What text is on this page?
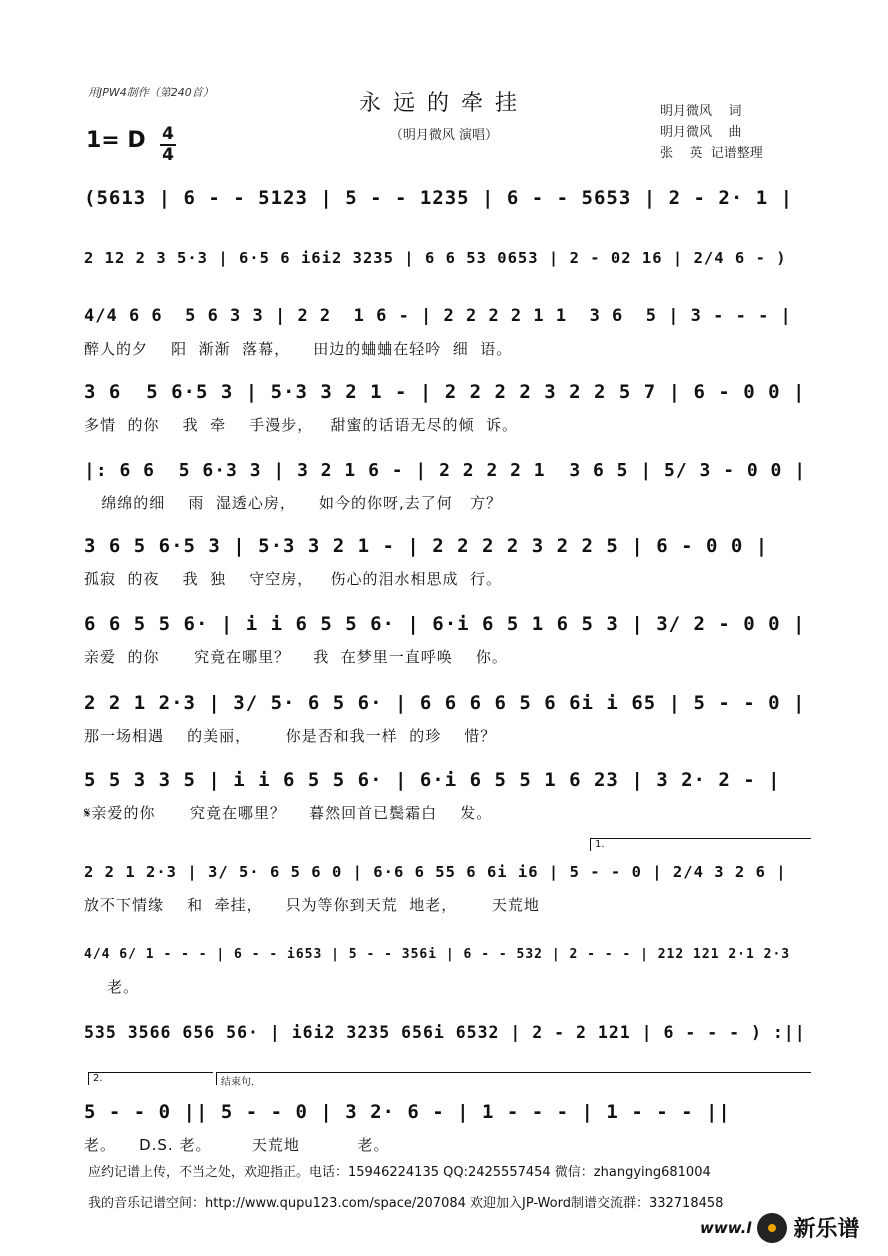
用JPW4制作（第240首）	永远的牵挂
（明月微风 演唱）
明月微风    词
明月微风    曲
张    英  记谱整理
1= D 4
4
(5613 | 6 - - 5123 | 5 - - 1235 | 6 - - 5653 | 2 - 2· 1 |
2 12 2 3 5·3 | 6·5 6 i6i2 3235 | 6 6 53 0653 | 2 - 02 16 | 2/4 6 - )
4/4 6 6  5 6 3 3 | 2 2  1 6 - | 2 2 2 2 1 1  3 6  5 | 3 - - - |
醉人的夕    阳  渐渐  落幕，    田边的蛐蛐在轻吟  细  语。
3 6  5 6·5 3 | 5·3 3 2 1 - | 2 2 2 2 3 2 2 5 7 | 6 - 0 0 |
多情  的你    我  牵    手漫步，   甜蜜的话语无尽的倾  诉。
|: 6 6  5 6·3 3 | 3 2 1 6 - | 2 2 2 2 1  3 6 5 | 5/ 3 - 0 0 |
绵绵的细    雨  湿透心房，    如今的你呀,去了何   方？
3 6 5 6·5 3 | 5·3 3 2 1 - | 2 2 2 2 3 2 2 5 | 6 - 0 0 |
孤寂  的夜    我  独    守空房，   伤心的泪水相思成  行。
6 6 5 5 6· | i i 6 5 5 6· | 6·i 6 5 1 6 5 3 | 3/ 2 - 0 0 |
亲爱  的你      究竟在哪里？    我  在梦里一直呼唤    你。
2 2 1 2·3 | 3/ 5· 6 5 6· | 6 6 6 6 5 6 6i i 65 | 5 - - 0 |
那一场相遇    的美丽，      你是否和我一样  的珍    惜？
5 5 3 3 5 | i i 6 5 5 6· | 6·i 6 5 5 1 6 23 | 3 2· 2 - |
𝄋亲爱的你      究竟在哪里？    暮然回首已鬓霜白    发。
2 2 1 2·3 | 3/ 5· 6 5 6 0 | 6·6 6 55 6 6i i6 | 5 - - 0 | 2/4 3 2 6 |
放不下情缘    和  牵挂，    只为等你到天荒  地老，      天荒地
4/4 6/ 1 - - - | 6 - - i653 | 5 - - 356i | 6 - - 532 | 2 - - - | 212 121 2·1 2·3
老。
535 3566 656 56· | i6i2 3235 656i 6532 | 2 - 2 121 | 6 - - - ) :||
5 - - 0 || 5 - - 0 | 3 2· 6 - | 1 - - - | 1 - - - ||
老。    D.S. 老。       天荒地          老。
1.
2.	结束句.
应约记谱上传，不当之处，欢迎指正。电话：15946224135 QQ:2425557454 微信：zhangying681004
我的音乐记谱空间：http://www.qupu123.com/space/207084 欢迎加入JP-Word制谱交流群：332718458
www.l 新乐谱
